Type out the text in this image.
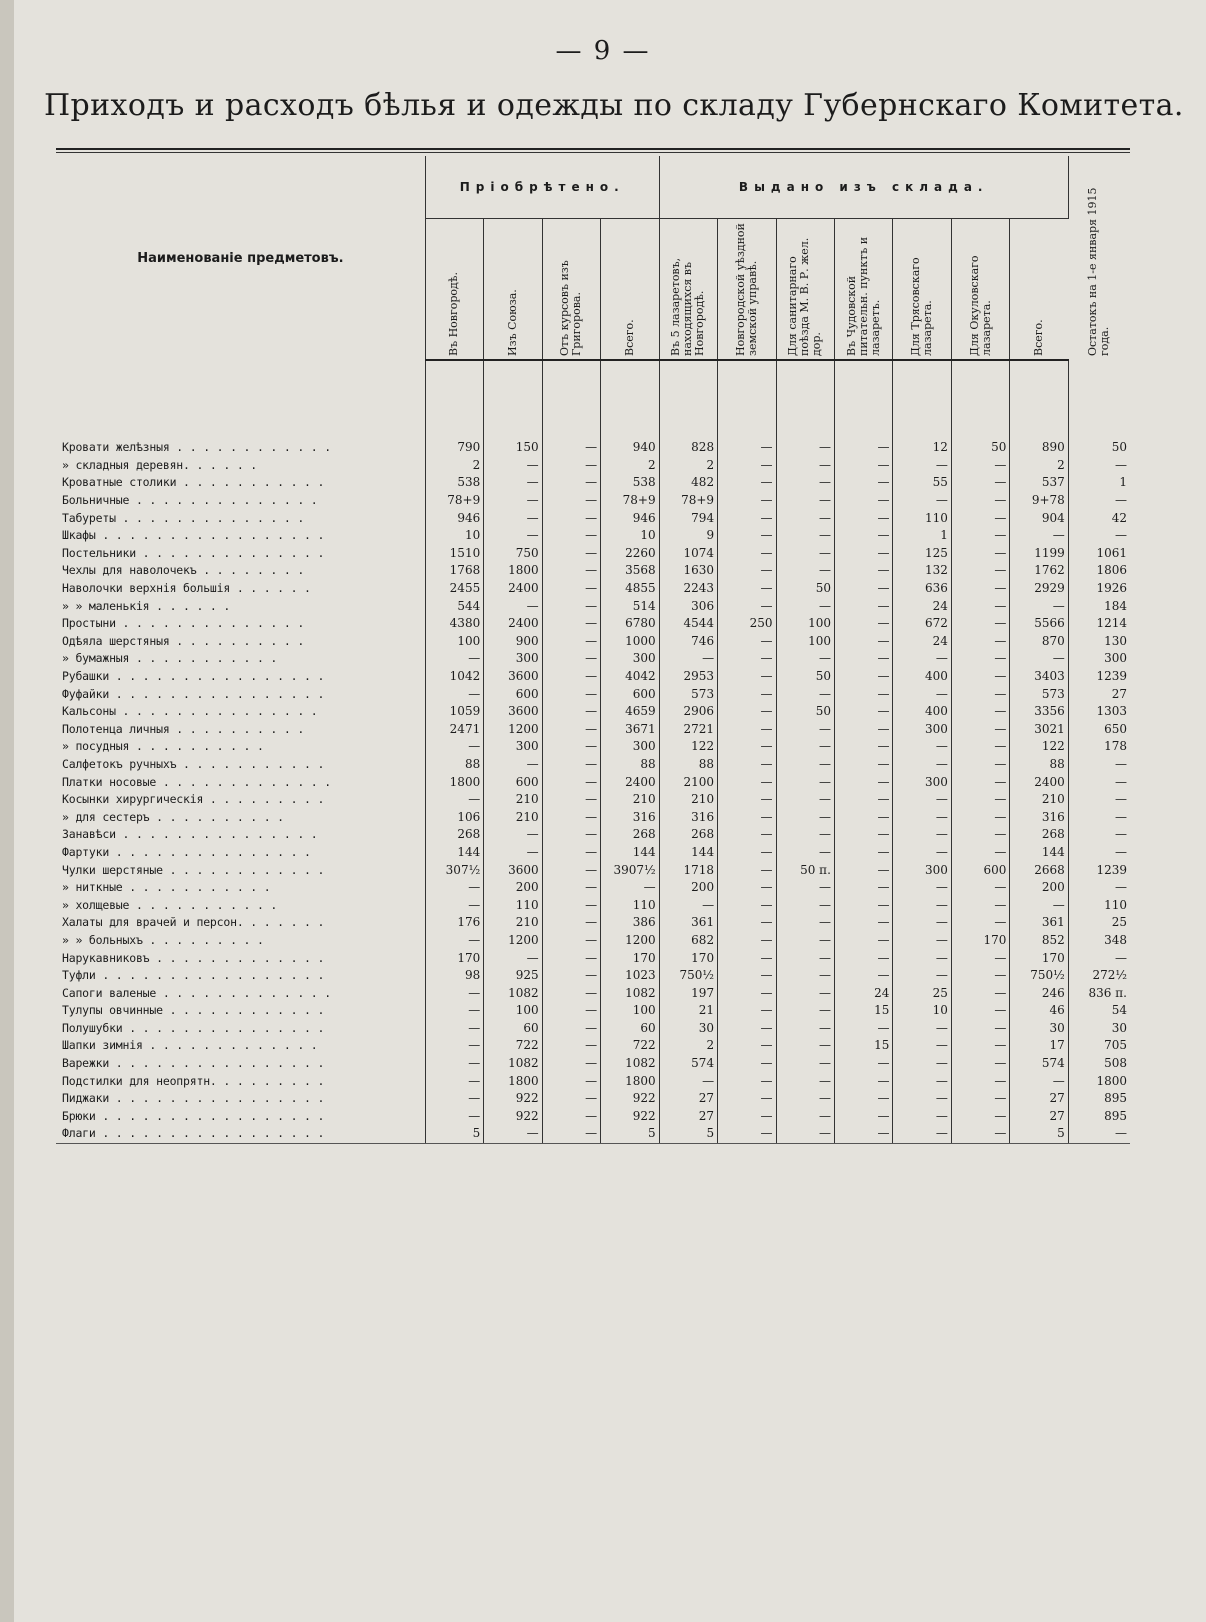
— 9 —
Приходъ и расходъ бѣлья и одежды по складу Губернскаго Комитета.
Наименованіе предметовъ.	Пріобрѣтено.				Выдано изъ склада.							Остатокъ на 1-е января 1915 года.

	Въ Новгородѣ.	Изъ Союза.	Отъ курсовъ изъ Григорова.	Всего.	Въ 5 лазаретовъ, находящихся въ Новгородѣ.	Новгородской уѣздной земской управѣ.	Для санитарнаго поѣзда М. В. Р. жел. дор.	Въ Чудовской питательн. пунктъ и лазаретъ.	Для Трясовскаго лазарета.	Для Окуловскаго лазарета.	Всего.	

Кровати желѣзныя . . . . . . . . . . . .	790	150	—	940	828	—	—	—	12	50	890	50
» складныя деревян. . . . . .	2	—	—	2	2	—	—	—	—	—	2	—
Кроватные столики . . . . . . . . . . .	538	—	—	538	482	—	—	—	55	—	537	1
Больничные . . . . . . . . . . . . . .	78+9	—	—	78+9	78+9	—	—	—	—	—	9+78	—
Табуреты . . . . . . . . . . . . . .	946	—	—	946	794	—	—	—	110	—	904	42
Шкафы . . . . . . . . . . . . . . . . .	10	—	—	10	9	—	—	—	1	—	—	—
Постельники . . . . . . . . . . . . . .	1510	750	—	2260	1074	—	—	—	125	—	1199	1061
Чехлы для наволочекъ . . . . . . . .	1768	1800	—	3568	1630	—	—	—	132	—	1762	1806
Наволочки верхнія большія . . . . . .	2455	2400	—	4855	2243	—	50	—	636	—	2929	1926
» » маленькія . . . . . .	544	—	—	514	306	—	—	—	24	—	—	184
Простыни . . . . . . . . . . . . . .	4380	2400	—	6780	4544	250	100	—	672	—	5566	1214
Одѣяла шерстяныя . . . . . . . . . .	100	900	—	1000	746	—	100	—	24	—	870	130
» бумажныя . . . . . . . . . . .	—	300	—	300	—	—	—	—	—	—	—	300
Рубашки . . . . . . . . . . . . . . . .	1042	3600	—	4042	2953	—	50	—	400	—	3403	1239
Фуфайки . . . . . . . . . . . . . . . .	—	600	—	600	573	—	—	—	—	—	573	27
Кальсоны . . . . . . . . . . . . . . .	1059	3600	—	4659	2906	—	50	—	400	—	3356	1303
Полотенца личныя . . . . . . . . . .	2471	1200	—	3671	2721	—	—	—	300	—	3021	650
» посудныя . . . . . . . . . .	—	300	—	300	122	—	—	—	—	—	122	178
Салфетокъ ручныхъ . . . . . . . . . . .	88	—	—	88	88	—	—	—	—	—	88	—
Платки носовые . . . . . . . . . . . . .	1800	600	—	2400	2100	—	—	—	300	—	2400	—
Косынки хирургическія . . . . . . . . .	—	210	—	210	210	—	—	—	—	—	210	—
» для сестеръ . . . . . . . . . .	106	210	—	316	316	—	—	—	—	—	316	—
Занавѣси . . . . . . . . . . . . . . .	268	—	—	268	268	—	—	—	—	—	268	—
Фартуки . . . . . . . . . . . . . . .	144	—	—	144	144	—	—	—	—	—	144	—
Чулки шерстяные . . . . . . . . . . . .	307½	3600	—	3907½	1718	—	50 п.	—	300	600	2668	1239
» ниткные . . . . . . . . . . .	—	200	—	—	200	—	—	—	—	—	200	—
» холщевые . . . . . . . . . . .	—	110	—	110	—	—	—	—	—	—	—	110
Халаты для врачей и персон. . . . . . .	176	210	—	386	361	—	—	—	—	—	361	25
» » больныхъ . . . . . . . . .	—	1200	—	1200	682	—	—	—	—	170	852	348
Нарукавниковъ . . . . . . . . . . . . .	170	—	—	170	170	—	—	—	—	—	170	—
Туфли . . . . . . . . . . . . . . . . .	98	925	—	1023	750½	—	—	—	—	—	750½	272½
Сапоги валеные . . . . . . . . . . . . .	—	1082	—	1082	197	—	—	24	25	—	246	836 п.
Тулупы овчинные . . . . . . . . . . . .	—	100	—	100	21	—	—	15	10	—	46	54
Полушубки . . . . . . . . . . . . . . .	—	60	—	60	30	—	—	—	—	—	30	30
Шапки зимнія . . . . . . . . . . . . .	—	722	—	722	2	—	—	15	—	—	17	705
Варежки . . . . . . . . . . . . . . . .	—	1082	—	1082	574	—	—	—	—	—	574	508
Подстилки для неопрятн. . . . . . . . .	—	1800	—	1800	—	—	—	—	—	—	—	1800
Пиджаки . . . . . . . . . . . . . . . .	—	922	—	922	27	—	—	—	—	—	27	895
Брюки . . . . . . . . . . . . . . . . .	—	922	—	922	27	—	—	—	—	—	27	895
Флаги . . . . . . . . . . . . . . . . .	5	—	—	5	5	—	—	—	—	—	5	—
